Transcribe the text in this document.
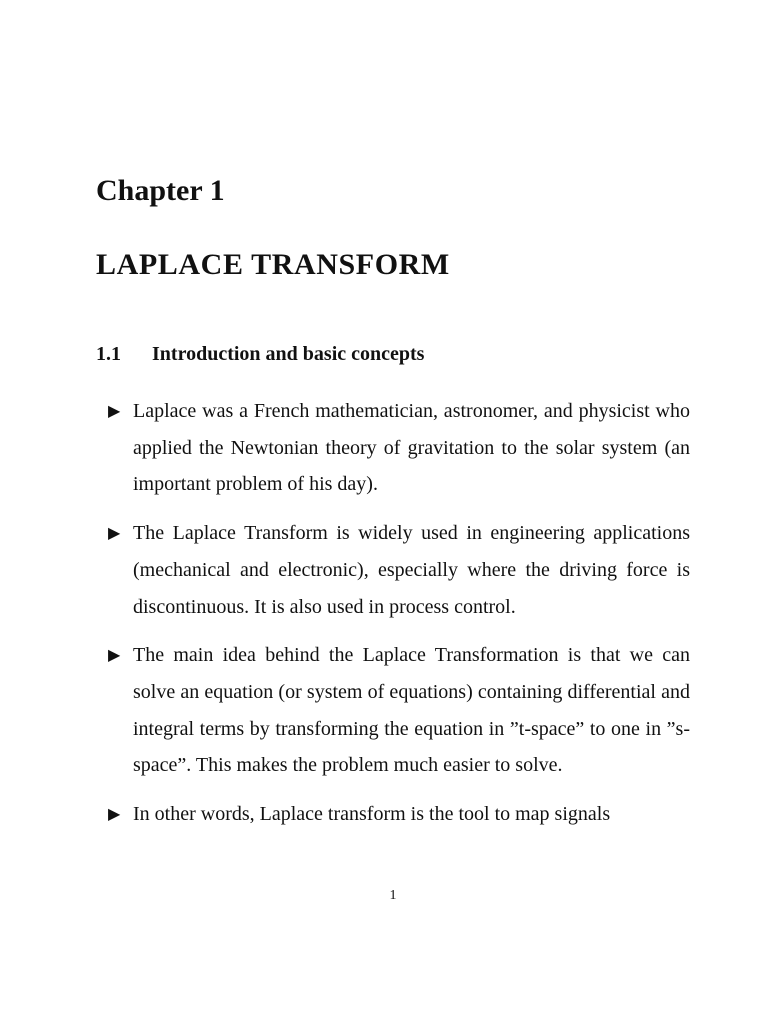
Chapter 1
LAPLACE TRANSFORM
1.1 Introduction and basic concepts
▶ Laplace was a French mathematician, astronomer, and physicist who applied the Newtonian theory of gravitation to the solar system (an important problem of his day).
▶ The Laplace Transform is widely used in engineering applications (mechanical and electronic), especially where the driving force is discontinuous. It is also used in process control.
▶ The main idea behind the Laplace Transformation is that we can solve an equation (or system of equations) containing differential and integral terms by transforming the equation in ”t-space” to one in ”s-space”. This makes the problem much easier to solve.
▶ In other words, Laplace transform is the tool to map signals

1
